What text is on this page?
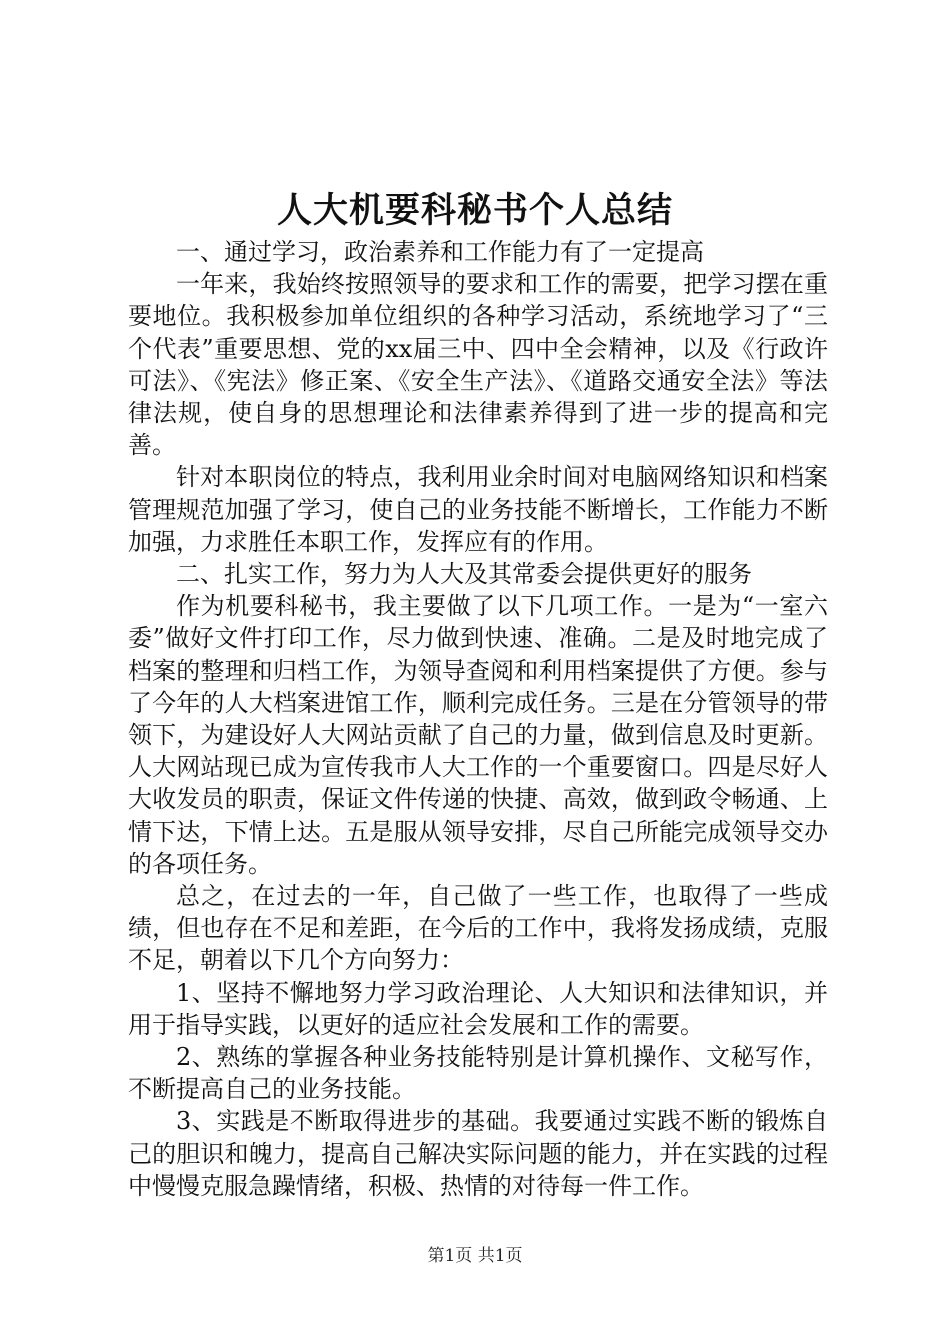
人大机要科秘书个人总结

一、通过学习，政治素养和工作能力有了一定提高

一年来，我始终按照领导的要求和工作的需要，把学习摆在重要地位。我积极参加单位组织的各种学习活动，系统地学习了“三个代表”重要思想、党的xx届三中、四中全会精神，以及《行政许可法》、《宪法》修正案、《安全生产法》、《道路交通安全法》等法律法规，使自身的思想理论和法律素养得到了进一步的提高和完善。

针对本职岗位的特点，我利用业余时间对电脑网络知识和档案管理规范加强了学习，使自己的业务技能不断增长，工作能力不断加强，力求胜任本职工作，发挥应有的作用。

二、扎实工作，努力为人大及其常委会提供更好的服务

作为机要科秘书，我主要做了以下几项工作。一是为“一室六委”做好文件打印工作，尽力做到快速、准确。二是及时地完成了档案的整理和归档工作，为领导查阅和利用档案提供了方便。参与了今年的人大档案进馆工作，顺利完成任务。三是在分管领导的带领下，为建设好人大网站贡献了自己的力量，做到信息及时更新。人大网站现已成为宣传我市人大工作的一个重要窗口。四是尽好人大收发员的职责，保证文件传递的快捷、高效，做到政令畅通、上情下达，下情上达。五是服从领导安排，尽自己所能完成领导交办的各项任务。

总之，在过去的一年，自己做了一些工作，也取得了一些成绩，但也存在不足和差距，在今后的工作中，我将发扬成绩，克服不足，朝着以下几个方向努力：

1、坚持不懈地努力学习政治理论、人大知识和法律知识，并用于指导实践，以更好的适应社会发展和工作的需要。

2、熟练的掌握各种业务技能特别是计算机操作、文秘写作，不断提高自己的业务技能。

3、实践是不断取得进步的基础。我要通过实践不断的锻炼自己的胆识和魄力，提高自己解决实际问题的能力，并在实践的过程中慢慢克服急躁情绪，积极、热情的对待每一件工作。

第1页 共1页
